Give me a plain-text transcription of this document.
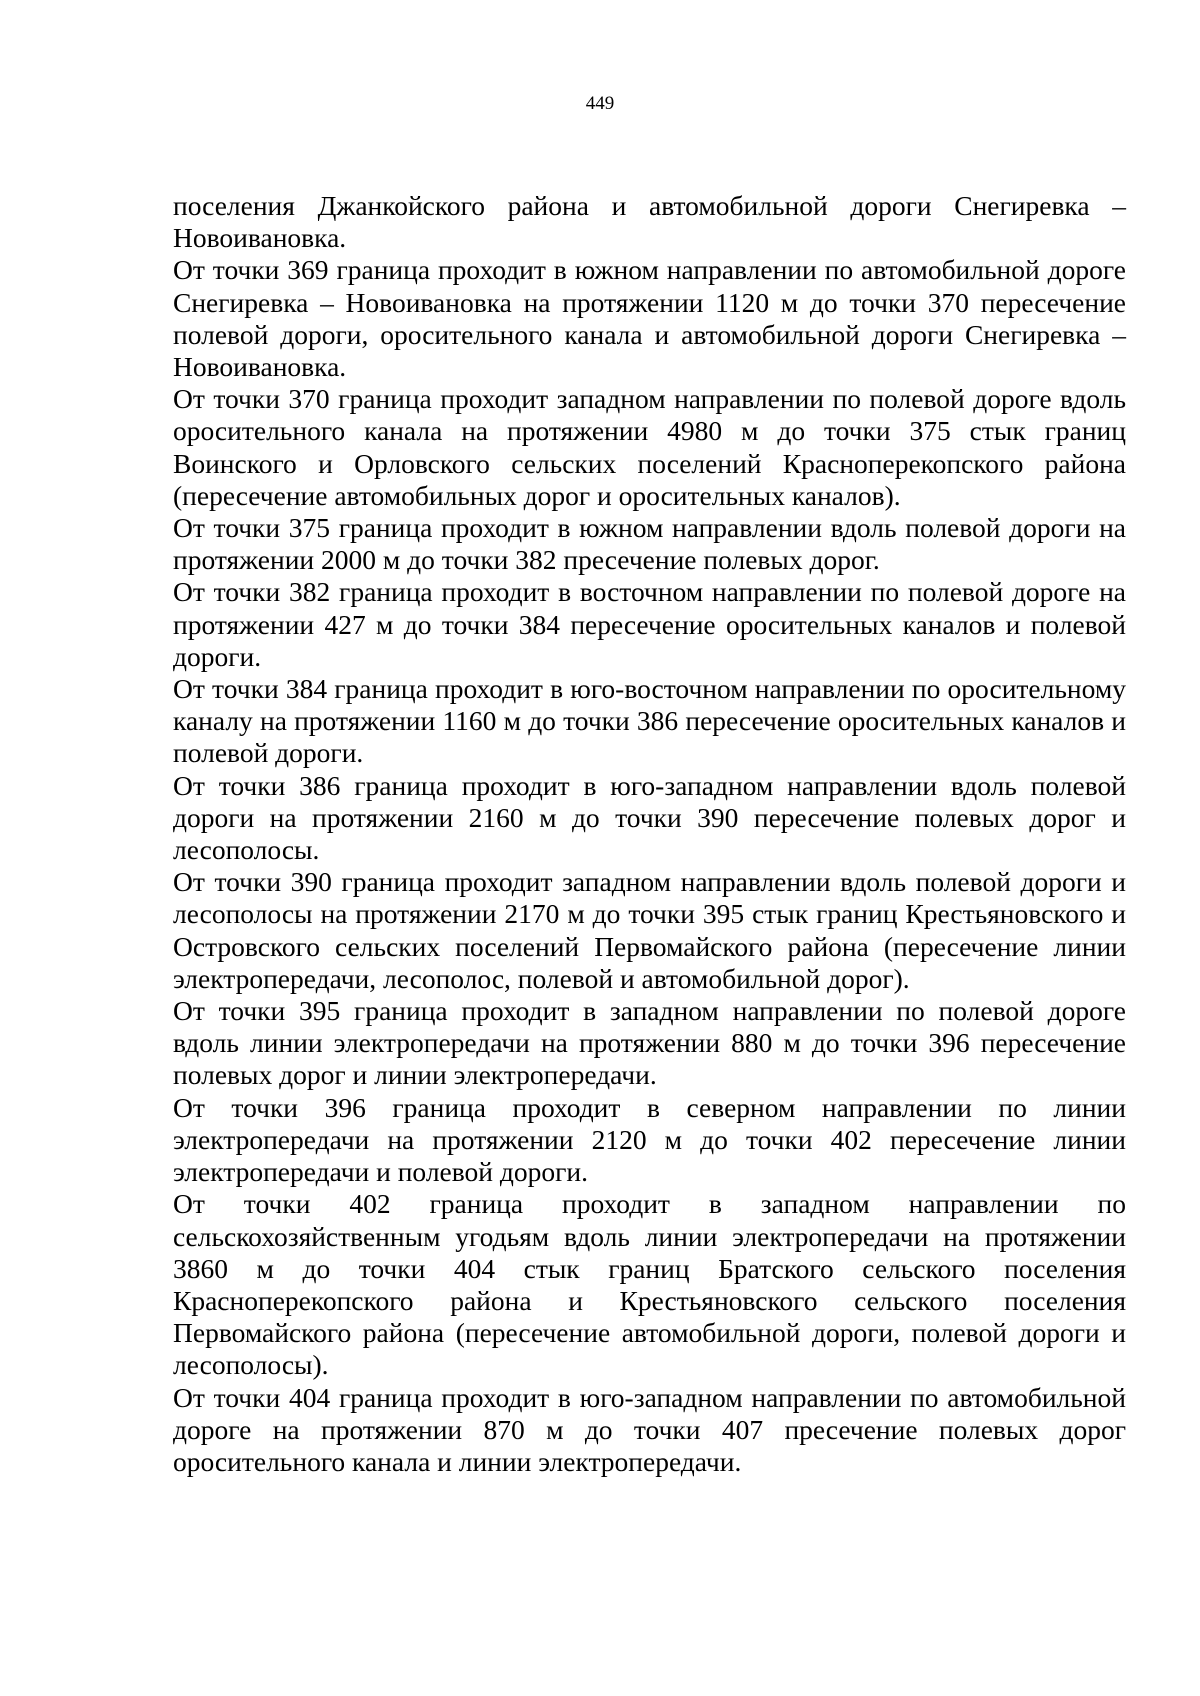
449

поселения Джанкойского района и автомобильной дороги Снегиревка – Новоивановка.

От точки 369 граница проходит в южном направлении по автомобильной дороге Снегиревка – Новоивановка на протяжении 1120 м до точки 370 пересечение полевой дороги, оросительного канала и автомобильной дороги Снегиревка – Новоивановка.

От точки 370 граница проходит западном направлении по полевой дороге вдоль оросительного канала на протяжении 4980 м до точки 375 стык границ Воинского и Орловского сельских поселений Красноперекопского района (пересечение автомобильных дорог и оросительных каналов).

От точки 375 граница проходит в южном направлении вдоль полевой дороги на протяжении 2000 м до точки 382 пресечение полевых дорог.

От точки 382 граница проходит в восточном направлении по полевой дороге на протяжении 427 м до точки 384 пересечение оросительных каналов и полевой дороги.

От точки 384 граница проходит в юго-восточном направлении по оросительному каналу на протяжении 1160 м до точки 386 пересечение оросительных каналов и полевой дороги.

От точки 386 граница проходит в юго-западном направлении вдоль полевой дороги на протяжении 2160 м до точки 390 пересечение полевых дорог и лесополосы.

От точки 390 граница проходит западном направлении вдоль полевой дороги и лесополосы на протяжении 2170 м до точки 395 стык границ Крестьяновского и Островского сельских поселений Первомайского района (пересечение линии электропередачи, лесополос, полевой и автомобильной дорог).

От точки 395 граница проходит в западном направлении по полевой дороге вдоль линии электропередачи на протяжении 880 м до точки 396 пересечение полевых дорог и линии электропередачи.

От точки 396 граница проходит в северном направлении по линии электропередачи на протяжении 2120 м до точки 402 пересечение линии электропередачи и полевой дороги.

От точки 402 граница проходит в западном направлении по сельскохозяйственным угодьям вдоль линии электропередачи на протяжении 3860 м до точки 404 стык границ Братского сельского поселения Красноперекопского района и Крестьяновского сельского поселения Первомайского района (пересечение автомобильной дороги, полевой дороги и лесополосы).

От точки 404 граница проходит в юго-западном направлении по автомобильной дороге на протяжении 870 м до точки 407 пресечение полевых дорог оросительного канала и линии электропередачи.
